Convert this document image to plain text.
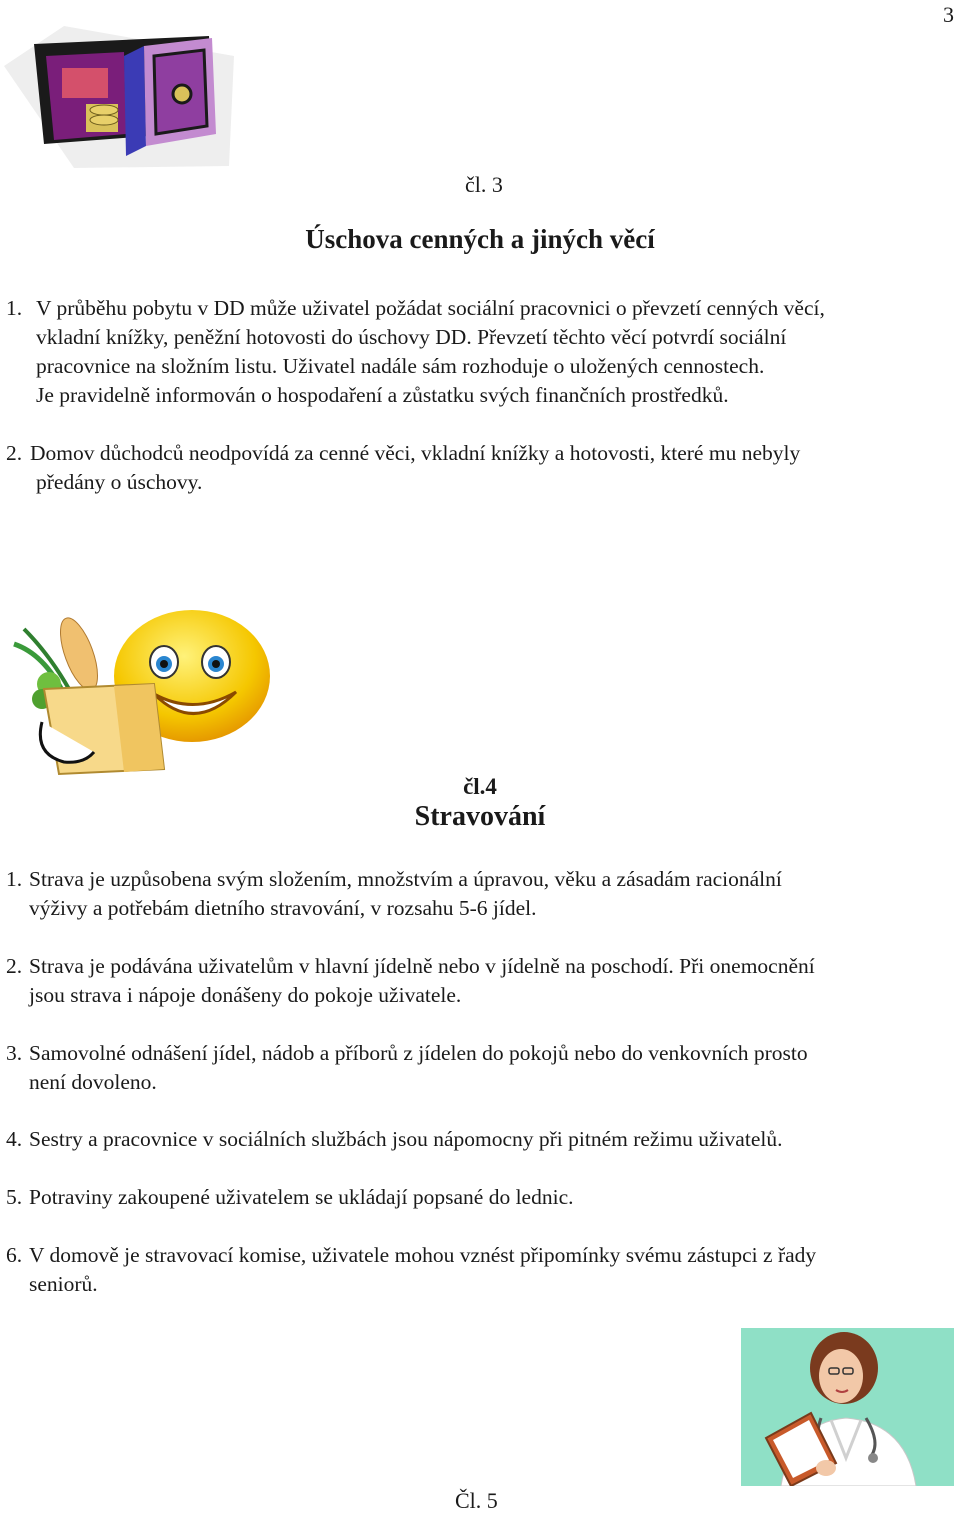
3
čl. 3
Úschova cenných a jiných věcí
1. V průběhu pobytu v DD může uživatel požádat sociální pracovnici o převzetí cenných věcí,
vkladní knížky, peněžní hotovosti do úschovy DD. Převzetí těchto věcí potvrdí sociální
pracovnice na složním listu. Uživatel nadále sám rozhoduje o uložených cennostech.
Je pravidelně informován o hospodaření a zůstatku svých finančních prostředků.
2. Domov důchodců neodpovídá za cenné věci, vkladní knížky a hotovosti, které mu nebyly
předány o úschovy.
čl.4
Stravování
1. Strava je uzpůsobena svým složením, množstvím a úpravou, věku a zásadám racionální
výživy a potřebám dietního stravování, v rozsahu 5-6 jídel.
2. Strava je podávána uživatelům v hlavní jídelně nebo v jídelně na poschodí. Při onemocnění
jsou strava i nápoje donášeny do pokoje uživatele.
3. Samovolné odnášení jídel, nádob a příborů z jídelen do pokojů nebo do venkovních prosto
není dovoleno.
4. Sestry a pracovnice v sociálních službách jsou nápomocny při pitném režimu uživatelů.
5. Potraviny zakoupené uživatelem se ukládají popsané do lednic.
6. V domově je stravovací komise, uživatele mohou vznést připomínky svému zástupci z řady
seniorů.
Čl. 5
